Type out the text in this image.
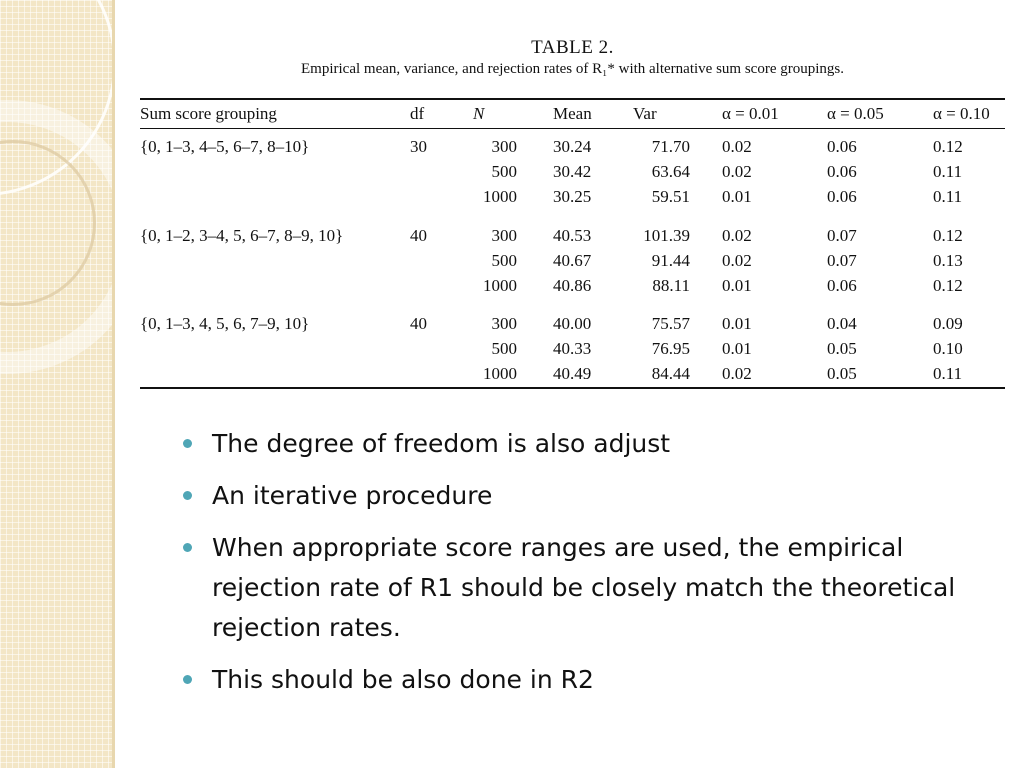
TABLE 2.
Empirical mean, variance, and rejection rates of R₁* with alternative sum score groupings.
Sum score grouping	df	N	Mean	Var	α = 0.01	α = 0.05	α = 0.10
{0, 1–3, 4–5, 6–7, 8–10}	30	300 30.24	71.70 0.02	0.06	0.12
500 30.42	63.64 0.02	0.06	0.11
1000 30.25	59.51 0.01	0.06	0.11
{0, 1–2, 3–4, 5, 6–7, 8–9, 10}	40	300 40.53	101.39 0.02	0.07	0.12
500 40.67	91.44 0.02	0.07	0.13
1000 40.86	88.11 0.01	0.06	0.12
{0, 1–3, 4, 5, 6, 7–9, 10}	40	300 40.00	75.57 0.01	0.04	0.09
500 40.33	76.95 0.01	0.05	0.10
1000 40.49	84.44 0.02	0.05	0.11
The degree of freedom is also adjust
An iterative procedure
When appropriate score ranges are used, the empirical rejection rate of R1 should be closely match the theoretical rejection rates.
This should be also done in R2
